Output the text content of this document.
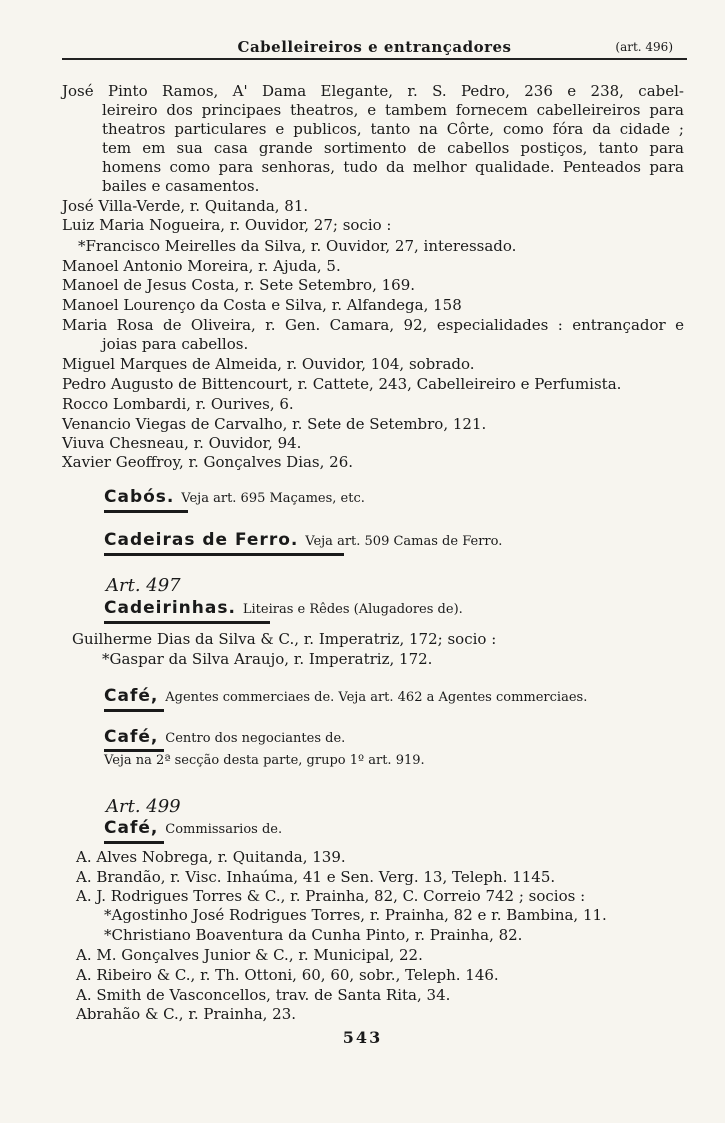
Cabelleireiros e entrançadores	(art. 496)
José Pinto Ramos, A' Dama Elegante, r. S. Pedro, 236 e 238, cabel-
leireiro dos principaes theatros, e tambem fornecem cabelleireiros para
theatros particulares e publicos, tanto na Côrte, como fóra da cidade ;
tem em sua casa grande sortimento de cabellos postiços, tanto para
homens como para senhoras, tudo da melhor qualidade. Penteados para
bailes e casamentos.
José Villa-Verde, r. Quitanda, 81.
Luiz Maria Nogueira, r. Ouvidor, 27; socio :
*Francisco Meirelles da Silva, r. Ouvidor, 27, interessado.
Manoel Antonio Moreira, r. Ajuda, 5.
Manoel de Jesus Costa, r. Sete Setembro, 169.
Manoel Lourenço da Costa e Silva, r. Alfandega, 158
Maria Rosa de Oliveira, r. Gen. Camara, 92, especialidades : entrançador e
joias para cabellos.
Miguel Marques de Almeida, r. Ouvidor, 104, sobrado.
Pedro Augusto de Bittencourt, r. Cattete, 243, Cabelleireiro e Perfumista.
Rocco Lombardi, r. Ourives, 6.
Venancio Viegas de Carvalho, r. Sete de Setembro, 121.
Viuva Chesneau, r. Ouvidor, 94.
Xavier Geoffroy, r. Gonçalves Dias, 26.
Cabós. Veja art. 695 Maçames, etc.
Cadeiras de Ferro. Veja art. 509 Camas de Ferro.
Art. 497
Cadeirinhas. Liteiras e Rêdes (Alugadores de).
Guilherme Dias da Silva & C., r. Imperatriz, 172; socio :
*Gaspar da Silva Araujo, r. Imperatriz, 172.
Café, Agentes commerciaes de. Veja art. 462 a Agentes commerciaes.
Café, Centro dos negociantes de.
Veja na 2ª secção desta parte, grupo 1º art. 919.
Art. 499
Café, Commissarios de.
A. Alves Nobrega, r. Quitanda, 139.
A. Brandão, r. Visc. Inhaúma, 41 e Sen. Verg. 13, Teleph. 1145.
A. J. Rodrigues Torres & C., r. Prainha, 82, C. Correio 742 ; socios :
*Agostinho José Rodrigues Torres, r. Prainha, 82 e r. Bambina, 11.
*Christiano Boaventura da Cunha Pinto, r. Prainha, 82.
A. M. Gonçalves Junior & C., r. Municipal, 22.
A. Ribeiro & C., r. Th. Ottoni, 60, 60, sobr., Teleph. 146.
A. Smith de Vasconcellos, trav. de Santa Rita, 34.
Abrahão & C., r. Prainha, 23.
543
